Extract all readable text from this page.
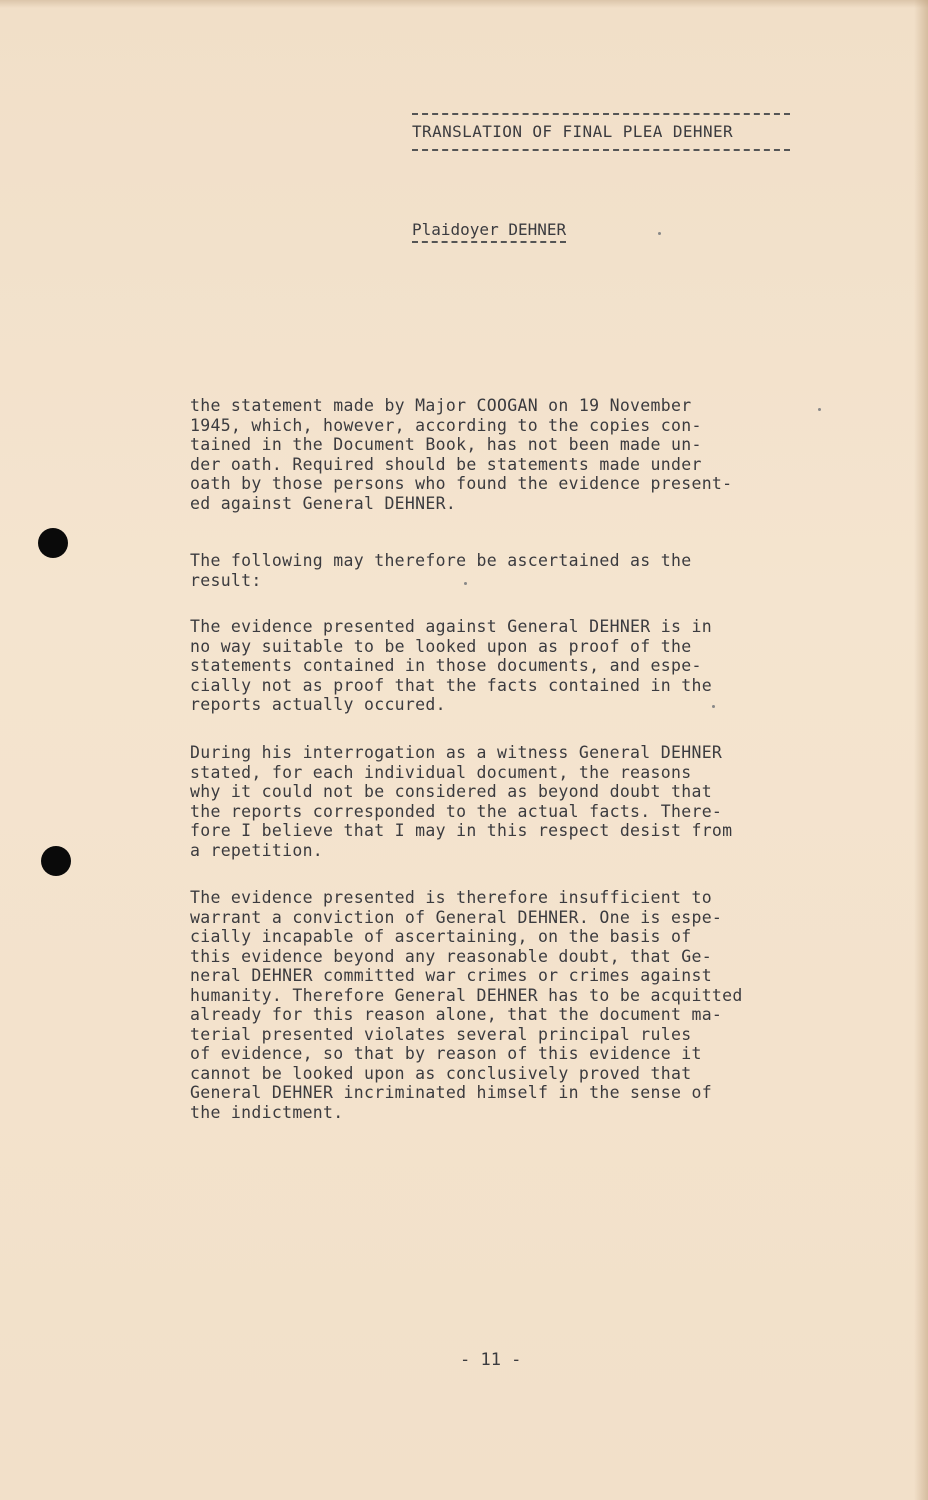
TRANSLATION OF FINAL PLEA DEHNER
Plaidoyer DEHNER
the statement made by Major COOGAN on 19 November
1945, which, however, according to the copies con-
tained in the Document Book, has not been made un-
der oath. Required should be statements made under
oath by those persons who found the evidence present-
ed against General DEHNER.
The following may therefore be ascertained as the
result:
The evidence presented against General DEHNER is in
no way suitable to be looked upon as proof of the
statements contained in those documents, and espe-
cially not as proof that the facts contained in the
reports actually occured.
During his interrogation as a witness General DEHNER
stated, for each individual document, the reasons
why it could not be considered as beyond doubt that
the reports corresponded to the actual facts. There-
fore I believe that I may in this respect desist from
a repetition.
The evidence presented is therefore insufficient to
warrant a conviction of General DEHNER. One is espe-
cially incapable of ascertaining, on the basis of
this evidence beyond any reasonable doubt, that Ge-
neral DEHNER committed war crimes or crimes against
humanity. Therefore General DEHNER has to be acquitted
already for this reason alone, that the document ma-
terial presented violates several principal rules
of evidence, so that by reason of this evidence it
cannot be looked upon as conclusively proved that
General DEHNER incriminated himself in the sense of
the indictment.
- 11 -
